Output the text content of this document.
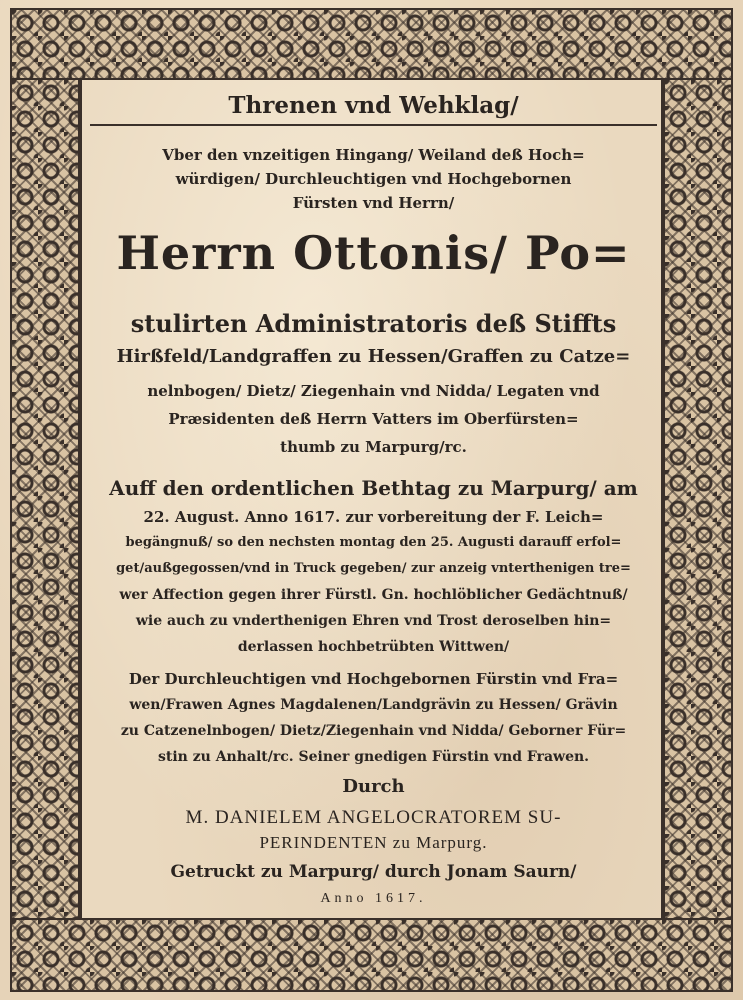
Threnen vnd Wehklag/
Vber den vnzeitigen Hingang/ Weiland deß Hoch=
würdigen/ Durchleuchtigen vnd Hochgebornen
Fürsten vnd Herrn/
Herrn Ottonis/ Po=
stulirten Administratoris deß Stiffts
Hirßfeld/Landgraffen zu Hessen/Graffen zu Catze=
nelnbogen/ Dietz/ Ziegenhain vnd Nidda/ Legaten vnd
Præsidenten deß Herrn Vatters im Oberfürsten=
thumb zu Marpurg/rc.
Auff den ordentlichen Bethtag zu Marpurg/ am
22. August. Anno 1617. zur vorbereitung der F. Leich=
begängnuß/ so den nechsten montag den 25. Augusti darauff erfol=
get/außgegossen/vnd in Truck gegeben/ zur anzeig vnterthenigen tre=
wer Affection gegen ihrer Fürstl. Gn. hochlöblicher Gedächtnuß/
wie auch zu vnderthenigen Ehren vnd Trost deroselben hin=
derlassen hochbetrübten Wittwen/
Der Durchleuchtigen vnd Hochgebornen Fürstin vnd Fra=
wen/Frawen Agnes Magdalenen/Landgrävin zu Hessen/ Grävin
zu Catzenelnbogen/ Dietz/Ziegenhain vnd Nidda/ Geborner Für=
stin zu Anhalt/rc. Seiner gnedigen Fürstin vnd Frawen.
Durch
M. DANIELEM ANGELOCRATOREM SU-
PERINDENTEN zu Marpurg.
Getruckt zu Marpurg/ durch Jonam Saurn/
Anno 1617.
